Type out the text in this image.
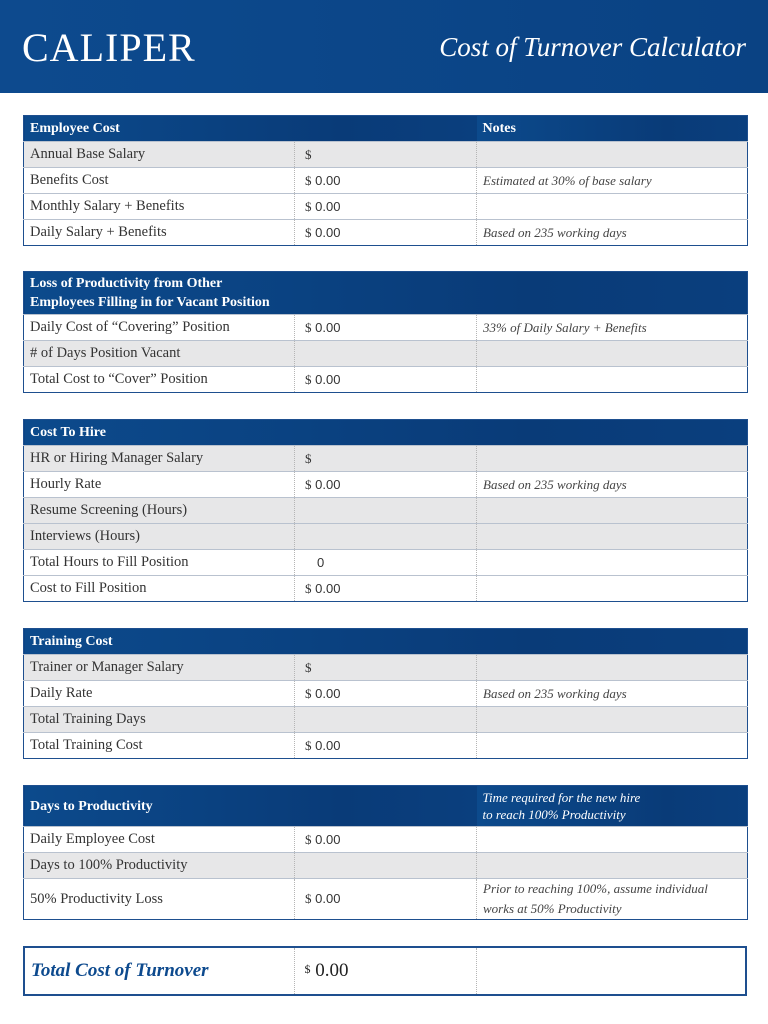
CALIPER	Cost of Turnover Calculator
Employee Cost		Notes
Annual Base Salary	$	
Benefits Cost	$ 0.00	Estimated at 30% of base salary
Monthly Salary + Benefits	$ 0.00	
Daily Salary + Benefits	$ 0.00	Based on 235 working days
Loss of Productivity from Other
Employees Filling in for Vacant Position		

Daily Cost of “Covering” Position	$ 0.00	33% of Daily Salary + Benefits
# of Days Position Vacant		
Total Cost to “Cover” Position	$ 0.00	
Cost To Hire		
HR or Hiring Manager Salary	$	
Hourly Rate	$ 0.00	Based on 235 working days
Resume Screening (Hours)		
Interviews (Hours)		
Total Hours to Fill Position	0	
Cost to Fill Position	$ 0.00	
Training Cost		
Trainer or Manager Salary	$	
Daily Rate	$ 0.00	Based on 235 working days
Total Training Days		
Total Training Cost	$ 0.00	
Days to Productivity		Time required for the new hire
to reach 100% Productivity

Daily Employee Cost	$ 0.00	
Days to 100% Productivity		
50% Productivity Loss	$ 0.00	Prior to reaching 100%, assume individual
works at 50% Productivity
Total Cost of Turnover	$ 0.00	
